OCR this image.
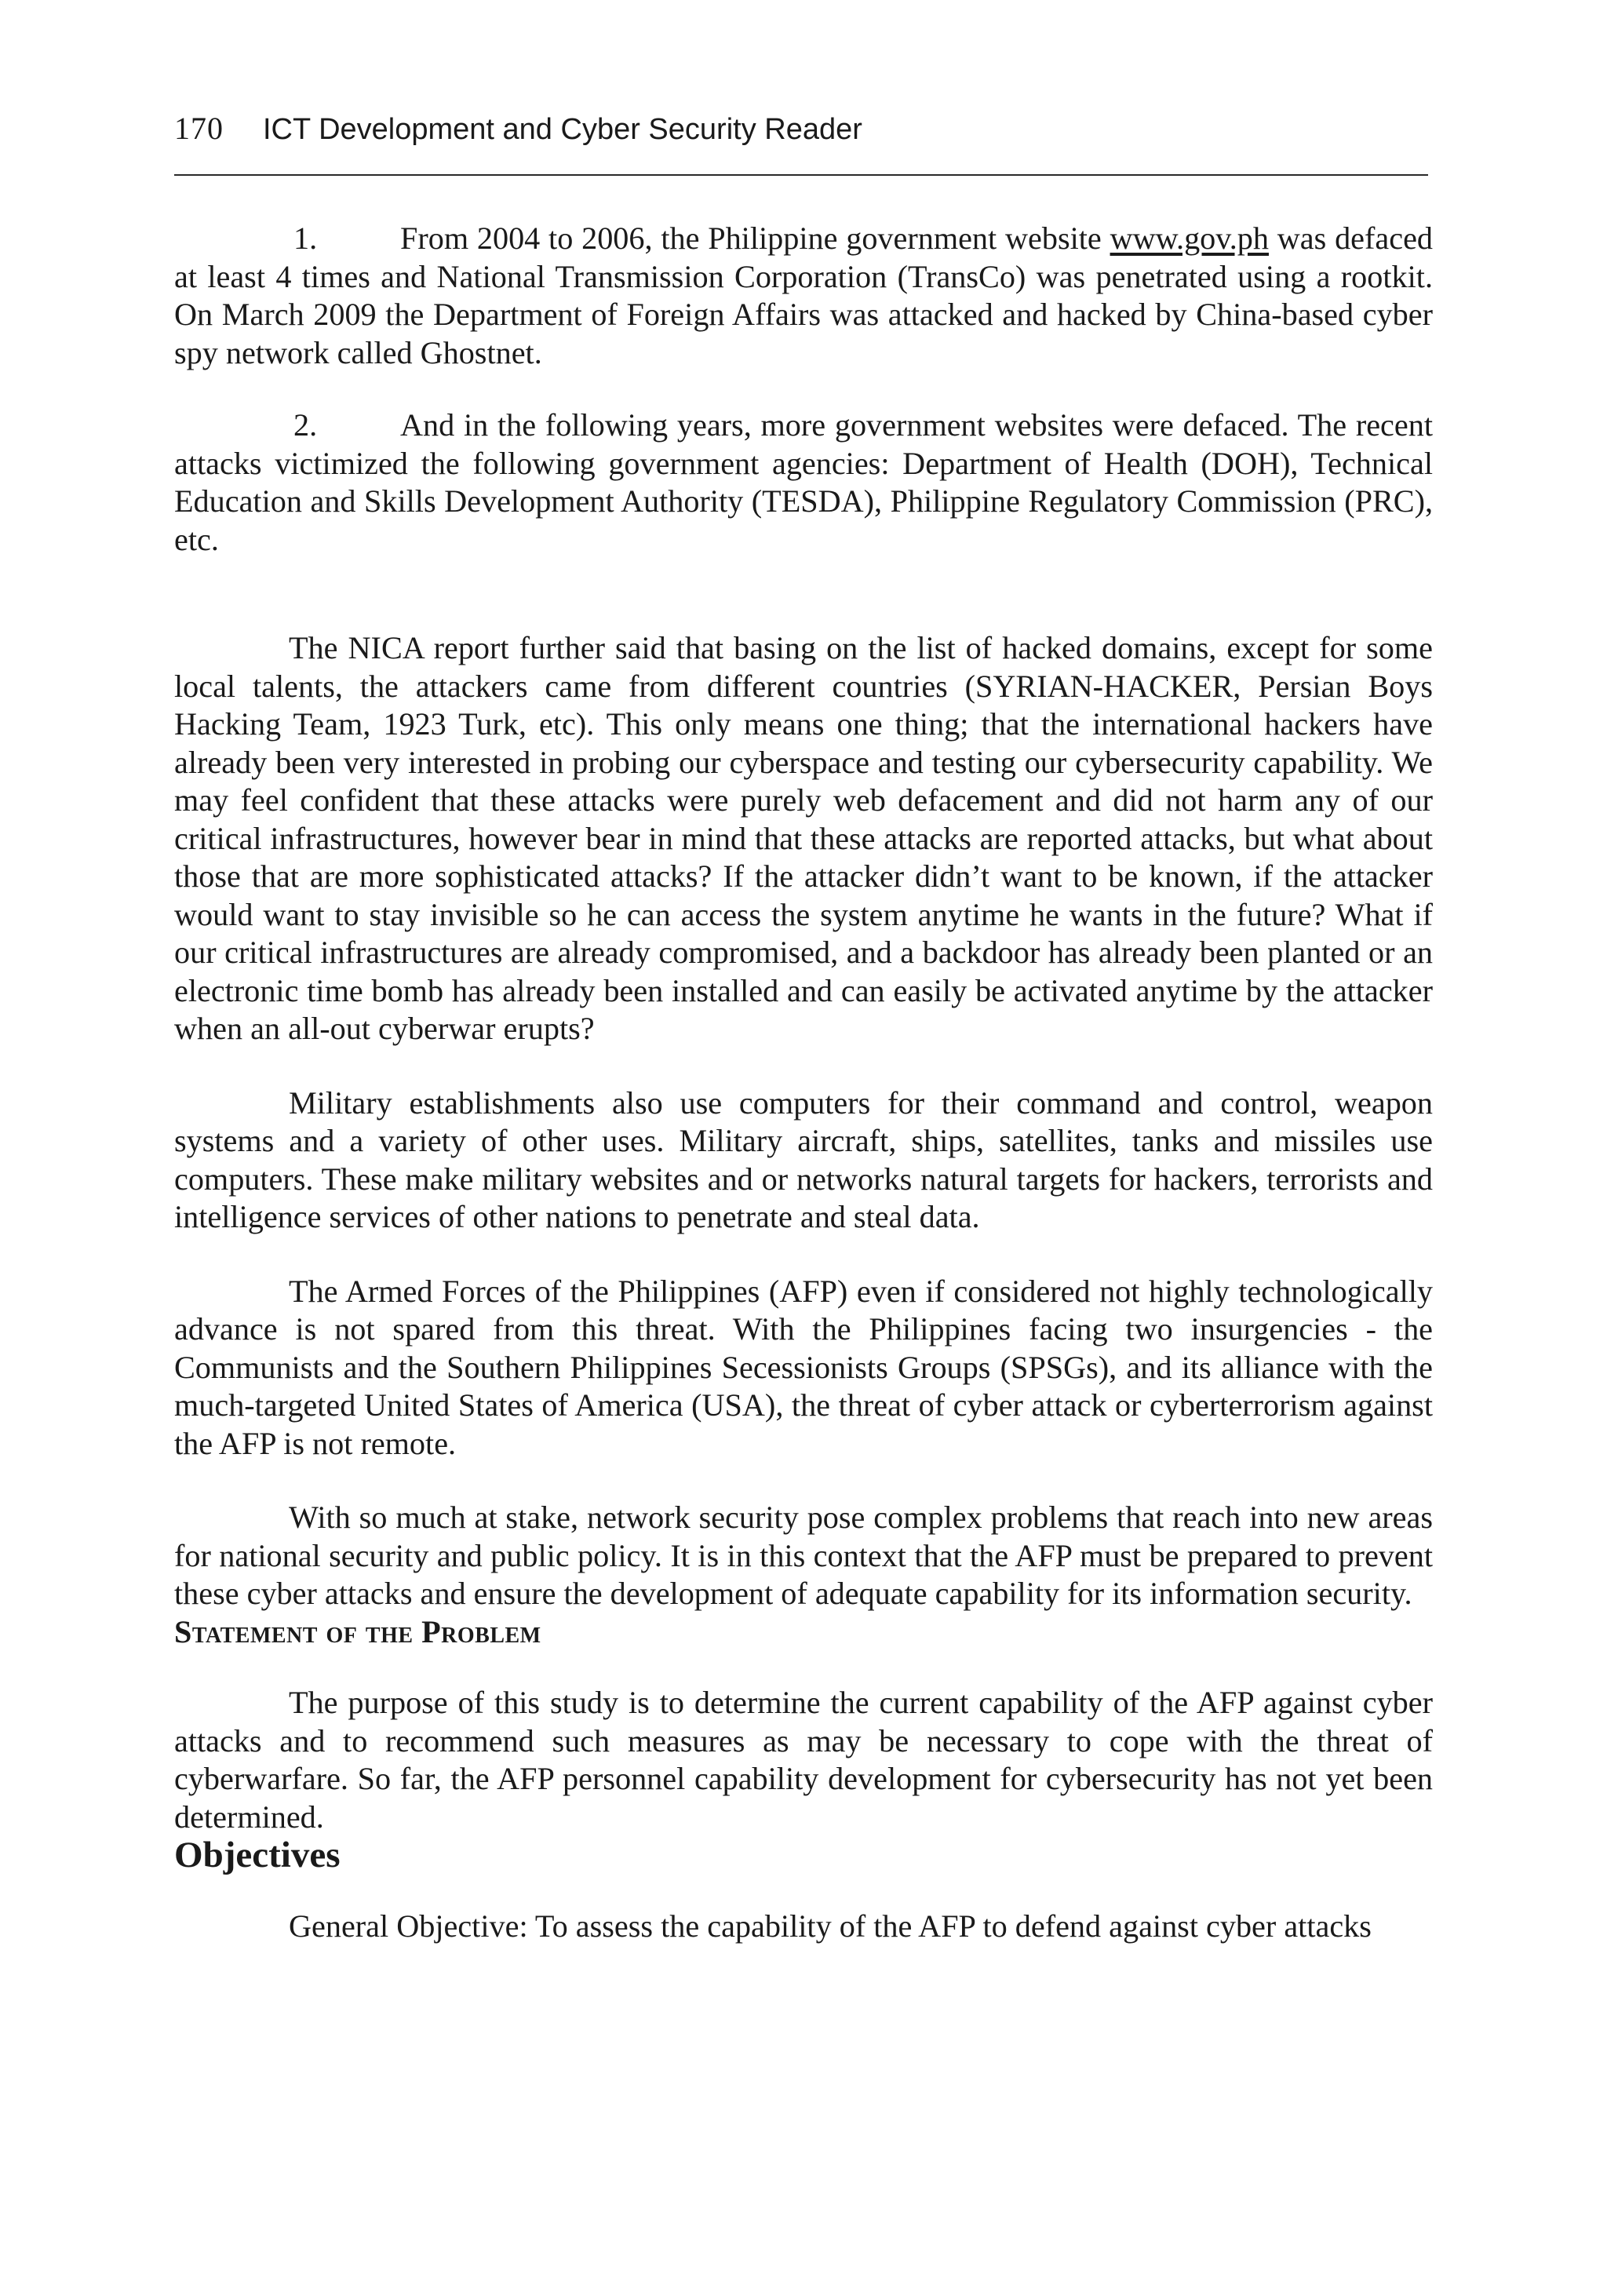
170 ICT Development and Cyber Security Reader

1.	From 2004 to 2006, the Philippine government website www.gov.ph was defaced at least 4 times and National Transmission Corporation (TransCo) was penetrated using a rootkit. On March 2009 the Department of Foreign Affairs was attacked and hacked by China-based cyber spy network called Ghostnet.

2.	And in the following years, more government websites were defaced. The recent attacks victimized the following government agencies: Department of Health (DOH), Technical Education and Skills Development Authority (TESDA), Philippine Regulatory Commission (PRC), etc.

The NICA report further said that basing on the list of hacked domains, except for some local talents, the attackers came from different countries (SYRIAN-HACKER, Persian Boys Hacking Team, 1923 Turk, etc). This only means one thing; that the international hackers have already been very interested in probing our cyberspace and testing our cybersecurity capability. We may feel confident that these attacks were purely web defacement and did not harm any of our critical infrastructures, however bear in mind that these attacks are reported attacks, but what about those that are more sophisticated attacks? If the attacker didn’t want to be known, if the attacker would want to stay invisible so he can access the system anytime he wants in the future? What if our critical infrastructures are already compromised, and a backdoor has already been planted or an electronic time bomb has already been installed and can easily be activated anytime by the attacker when an all-out cyberwar erupts?

Military establishments also use computers for their command and control, weapon systems and a variety of other uses. Military aircraft, ships, satellites, tanks and missiles use computers. These make military websites and or networks natural targets for hackers, terrorists and intelligence services of other nations to penetrate and steal data.

The Armed Forces of the Philippines (AFP) even if considered not highly technologically advance is not spared from this threat. With the Philippines facing two insurgencies - the Communists and the Southern Philippines Secessionists Groups (SPSGs), and its alliance with the much-targeted United States of America (USA), the threat of cyber attack or cyberterrorism against the AFP is not remote.

With so much at stake, network security pose complex problems that reach into new areas for national security and public policy. It is in this context that the AFP must be prepared to prevent these cyber attacks and ensure the development of adequate capability for its information security.

Statement of the Problem

The purpose of this study is to determine the current capability of the AFP against cyber attacks and to recommend such measures as may be necessary to cope with the threat of cyberwarfare. So far, the AFP personnel capability development for cybersecurity has not yet been determined.

Objectives

General Objective: To assess the capability of the AFP to defend against cyber attacks
